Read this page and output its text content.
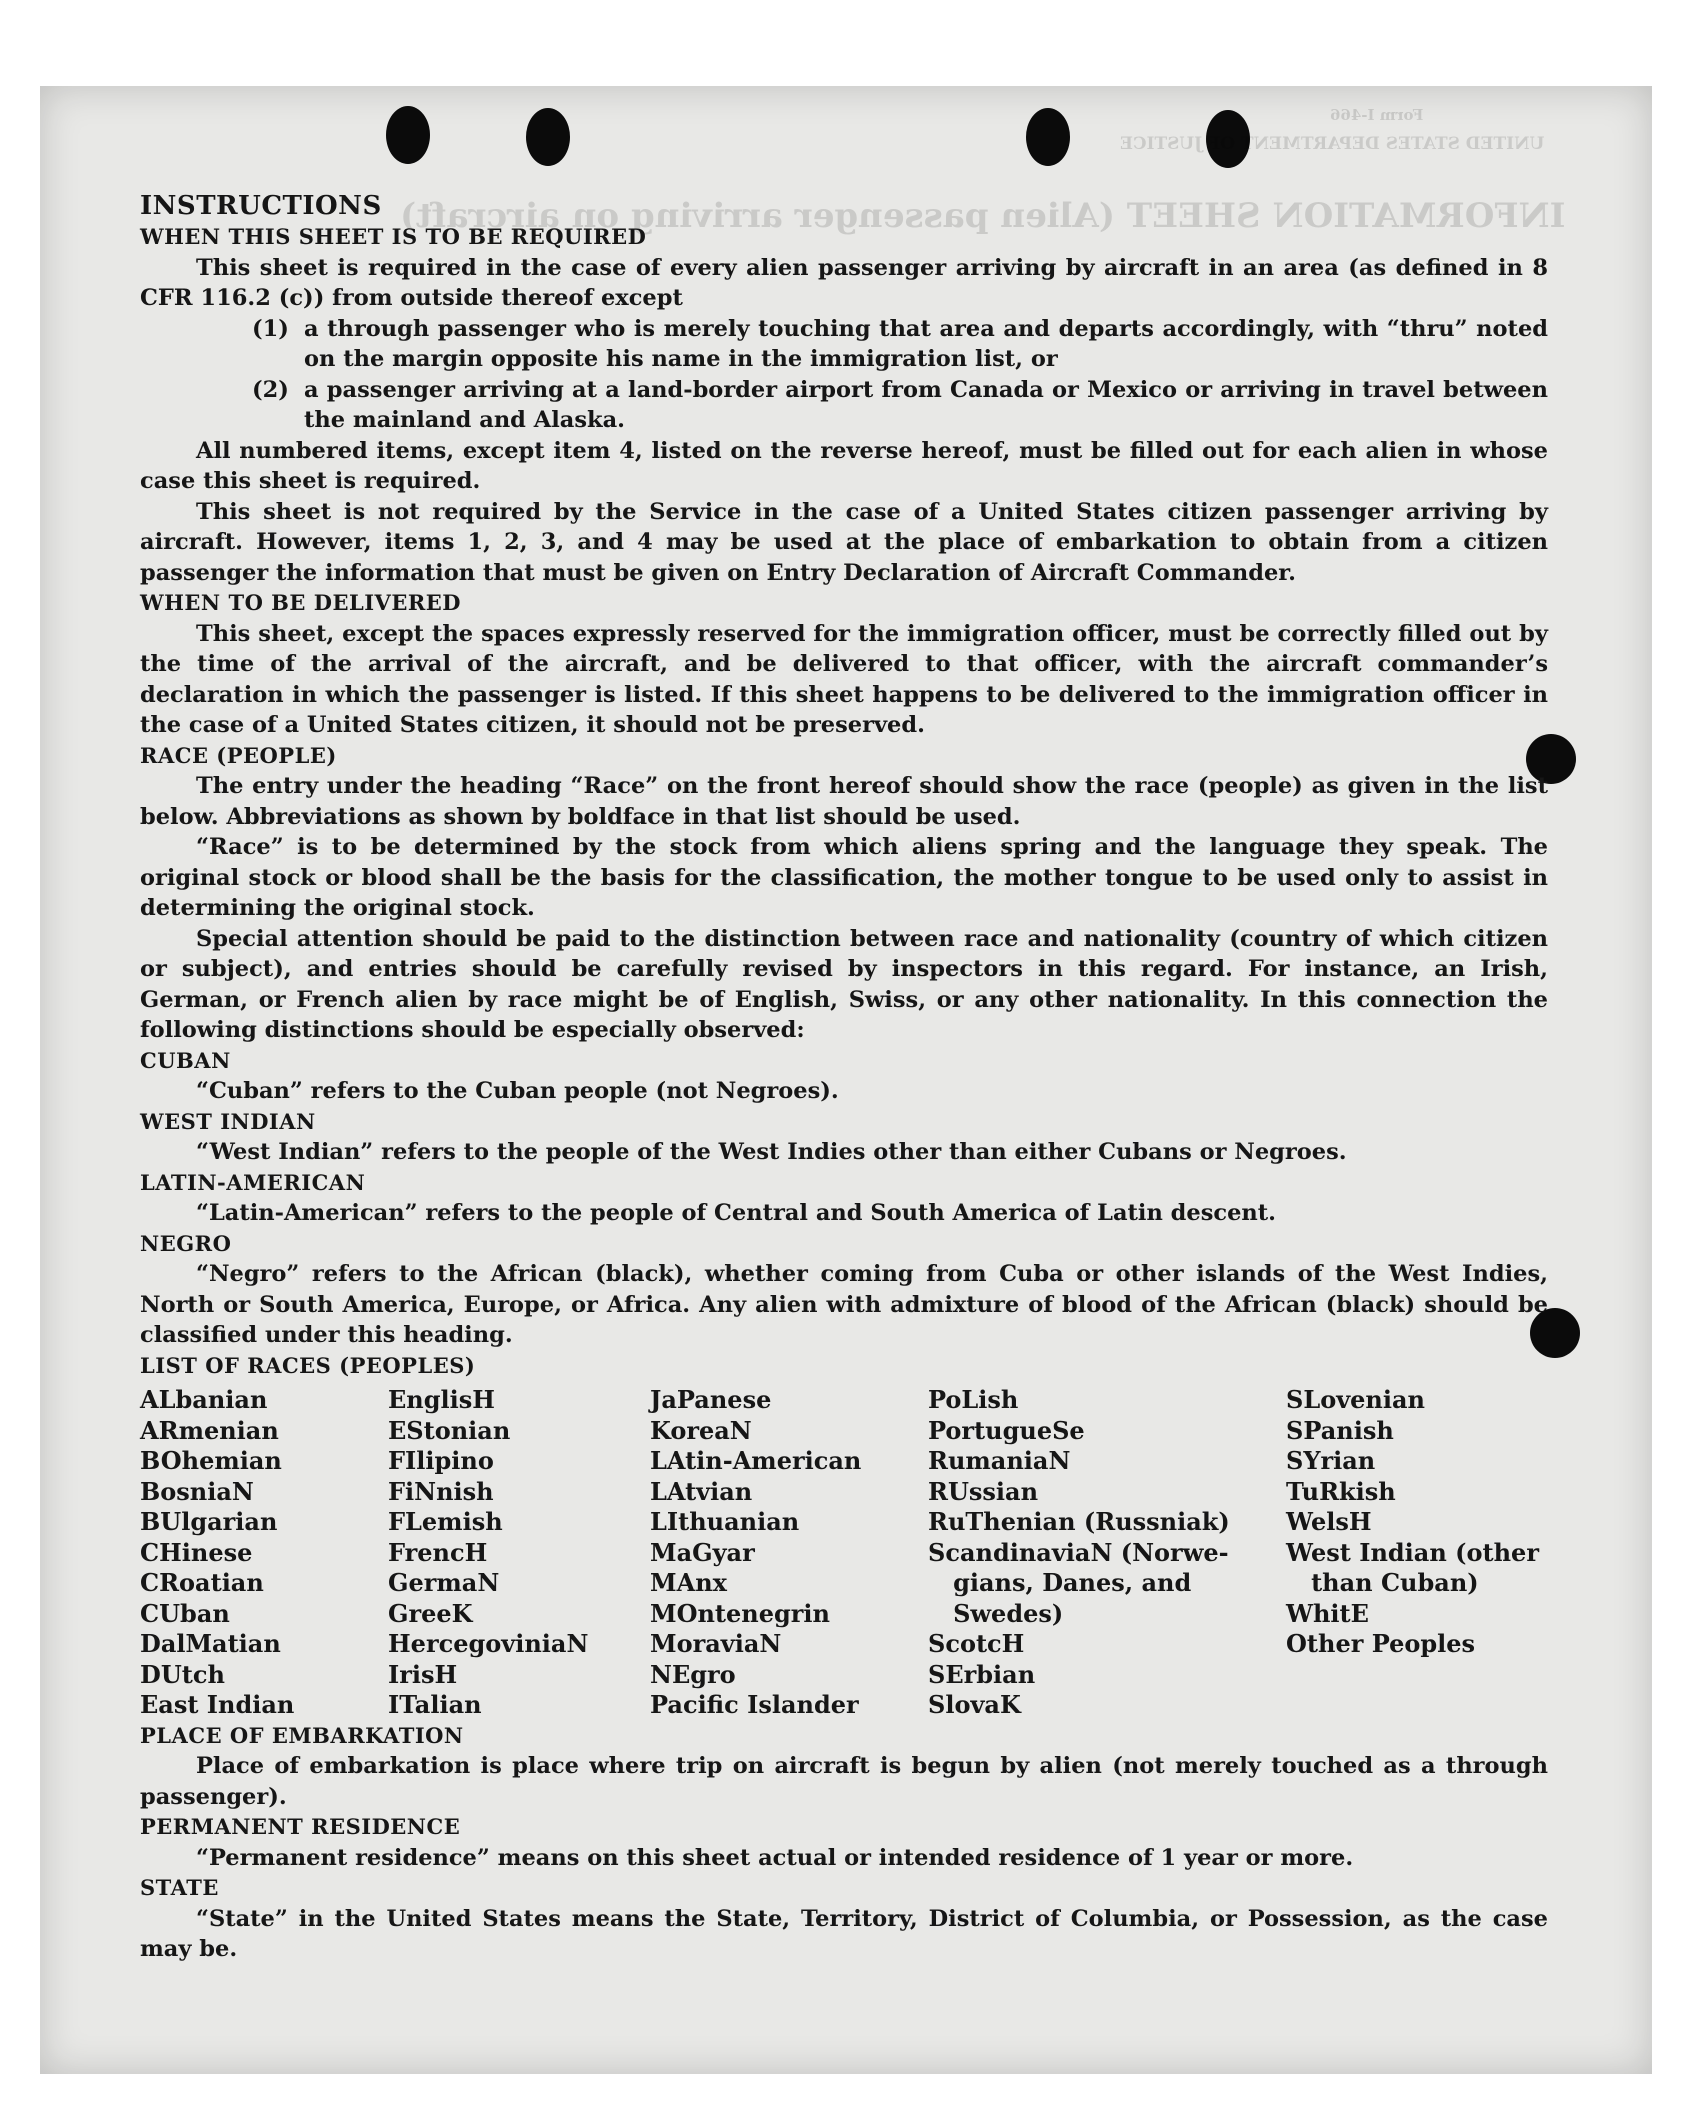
INFORMATION SHEET (Alien passenger arriving on aircraft)
UNITED STATES DEPARTMENT OF JUSTICE
Form I-466

INSTRUCTIONS

WHEN THIS SHEET IS TO BE REQUIRED

This sheet is required in the case of every alien passenger arriving by aircraft in an area (as defined in 8 CFR 116.2 (c)) from outside thereof except

(1) a through passenger who is merely touching that area and departs accordingly, with “thru” noted on the margin opposite his name in the immigration list, or
(2) a passenger arriving at a land-border airport from Canada or Mexico or arriving in travel between the mainland and Alaska.

All numbered items, except item 4, listed on the reverse hereof, must be filled out for each alien in whose case this sheet is required.

This sheet is not required by the Service in the case of a United States citizen passenger arriving by aircraft. However, items 1, 2, 3, and 4 may be used at the place of embarkation to obtain from a citizen passenger the information that must be given on Entry Declaration of Aircraft Commander.

WHEN TO BE DELIVERED

This sheet, except the spaces expressly reserved for the immigration officer, must be correctly filled out by the time of the arrival of the aircraft, and be delivered to that officer, with the aircraft commander’s declaration in which the passenger is listed. If this sheet happens to be delivered to the immigration officer in the case of a United States citizen, it should not be preserved.

RACE (PEOPLE)

The entry under the heading “Race” on the front hereof should show the race (people) as given in the list below. Abbreviations as shown by boldface in that list should be used.

“Race” is to be determined by the stock from which aliens spring and the language they speak. The original stock or blood shall be the basis for the classification, the mother tongue to be used only to assist in determining the original stock.

Special attention should be paid to the distinction between race and nationality (country of which citizen or subject), and entries should be carefully revised by inspectors in this regard. For instance, an Irish, German, or French alien by race might be of English, Swiss, or any other nationality. In this connection the following distinctions should be especially observed:

CUBAN

“Cuban” refers to the Cuban people (not Negroes).

WEST INDIAN

“West Indian” refers to the people of the West Indies other than either Cubans or Negroes.

LATIN-AMERICAN

“Latin-American” refers to the people of Central and South America of Latin descent.

NEGRO

“Negro” refers to the African (black), whether coming from Cuba or other islands of the West Indies, North or South America, Europe, or Africa. Any alien with admixture of blood of the African (black) should be classified under this heading.

LIST OF RACES (PEOPLES)

ALbanian
ARmenian
BOhemian
BosniaN
BUlgarian
CHinese
CRoatian
CUban
DalMatian
DUtch
East Indian
EnglisH
EStonian
FIlipino
FiNnish
FLemish
FrencH
GermaN
GreeK
HercegoviniaN
IrisH
ITalian
JaPanese
KoreaN
LAtin-American
LAtvian
LIthuanian
MaGyar
MAnx
MOntenegrin
MoraviaN
NEgro
Pacific Islander
PoLish
PortugueSe
RumaniaN
RUssian
RuThenian (Russniak)
ScandinaviaN (Norwe-
gians, Danes, and
Swedes)
ScotcH
SErbian
SlovaK
SLovenian
SPanish
SYrian
TuRkish
WelsH
West Indian (other
than Cuban)
WhitE
Other Peoples

PLACE OF EMBARKATION

Place of embarkation is place where trip on aircraft is begun by alien (not merely touched as a through passenger).

PERMANENT RESIDENCE

“Permanent residence” means on this sheet actual or intended residence of 1 year or more.

STATE

“State” in the United States means the State, Territory, District of Columbia, or Possession, as the case may be.
